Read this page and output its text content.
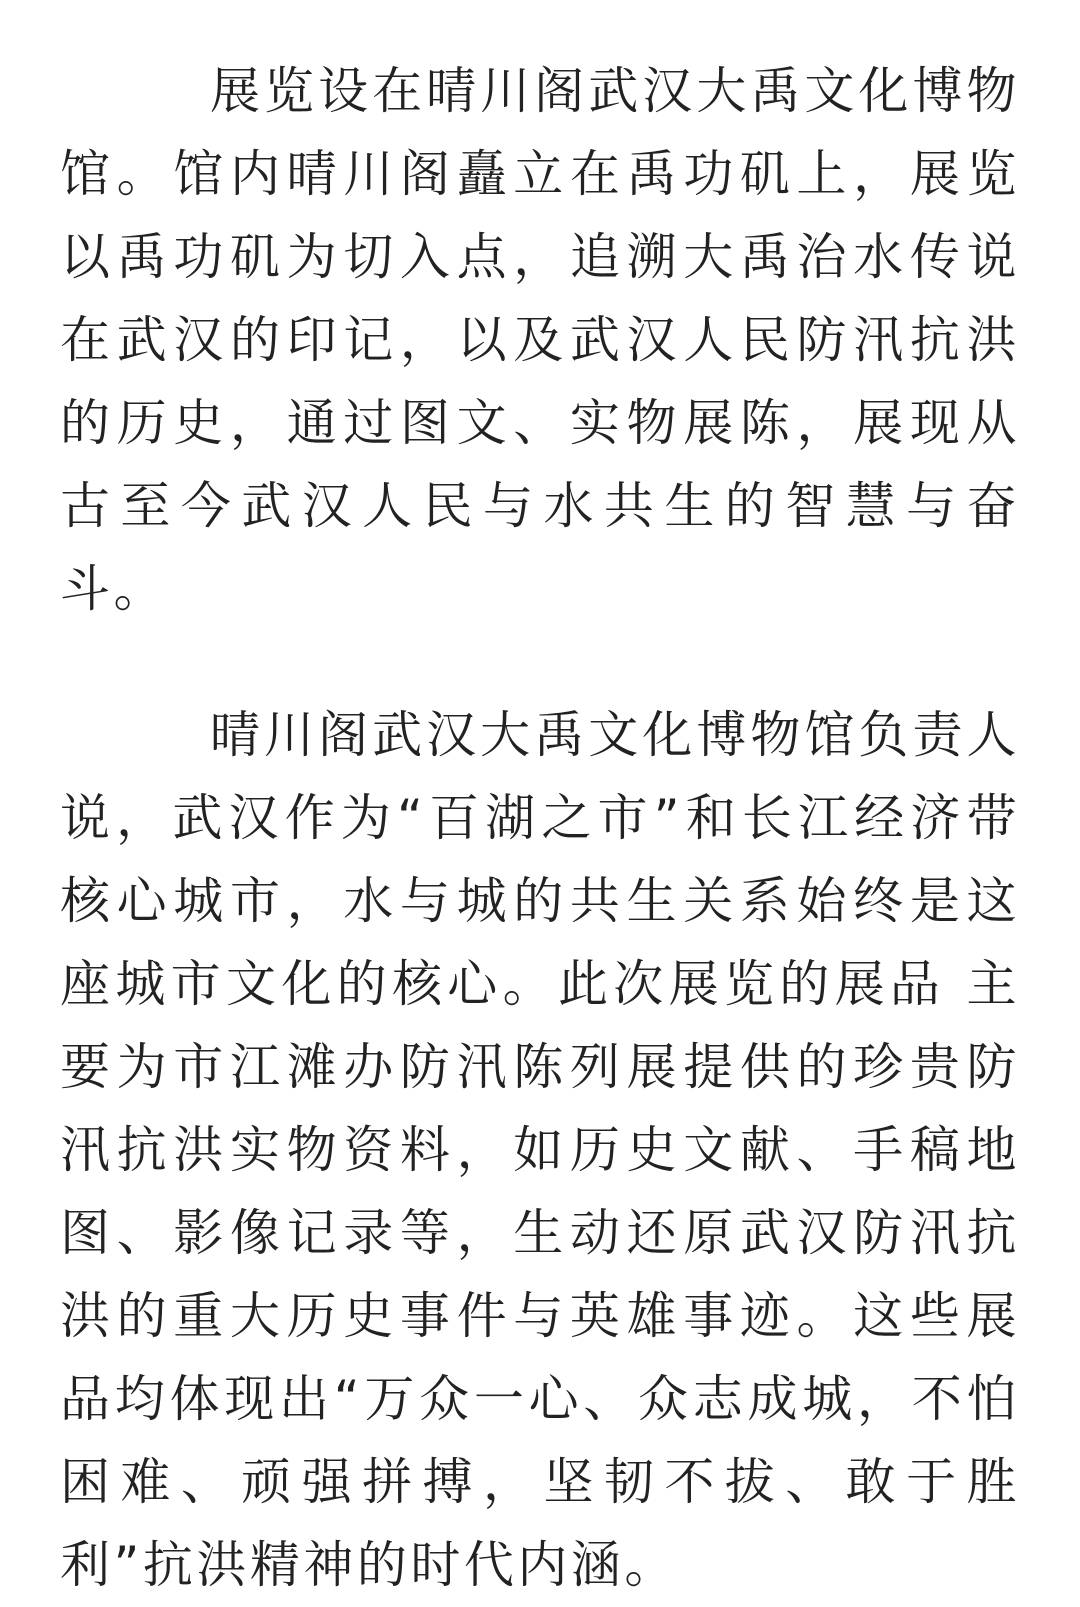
展览设在晴川阁武汉大禹文化博物馆。馆内晴川阁矗立在禹功矶上，展览以禹功矶为切入点，追溯大禹治水传说在武汉的印记，以及武汉人民防汛抗洪的历史，通过图文、实物展陈，展现从古至今武汉人民与水共生的智慧与奋斗。

晴川阁武汉大禹文化博物馆负责人说，武汉作为“百湖之市”和长江经济带核心城市，水与城的共生关系始终是这座城市文化的核心。此次展览的展品 主要为市江滩办防汛陈列展提供的珍贵防汛抗洪实物资料，如历史文献、手稿地图、影像记录等，生动还原武汉防汛抗洪的重大历史事件与英雄事迹。这些展品均体现出“万众一心、众志成城，不怕困难、顽强拼搏，坚韧不拔、敢于胜利”抗洪精神的时代内涵。
